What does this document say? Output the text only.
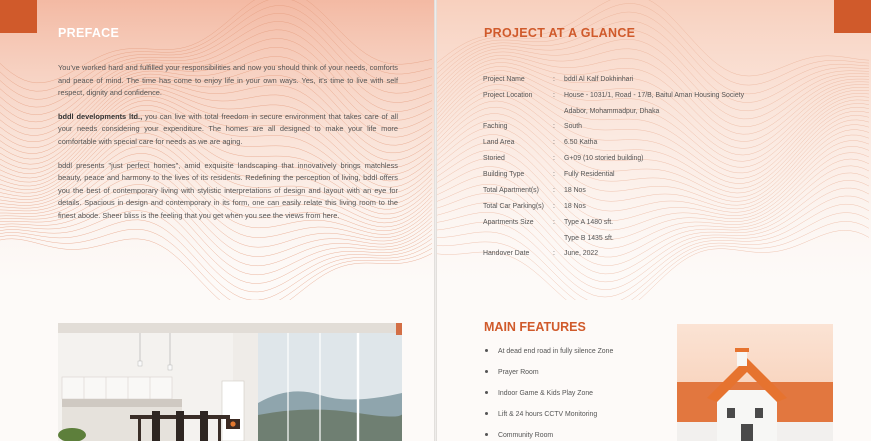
PREFACE

You've worked hard and fulfilled your responsibilities and now you should think of your needs, comforts and peace of mind. The time has come to enjoy life in your own ways. Yes, it's time to live with self respect, dignity and confidence.

bddl developments ltd., you can live with total freedom in secure environment that takes care of all your needs considering your expenditure. The homes are all designed to make your life more comfortable with special care for needs as we are aging.

bddl presents "just perfect homes", amid exquisite landscaping that innovatively brings matchless beauty, peace and harmony to the lives of its residents. Redefining the perception of living, bddl offers you the best of contemporary living with stylistic interpretations of design and layout with an eye for details. Spacious in design and contemporary in its form, one can easily relate this living room to the finest abode. Sheer bliss is the feeling that you get when you see the views from here.

PROJECT AT A GLANCE
Project Name	: bddl Al Kalf Dokhinhari
Project Location	: House - 1031/1, Road - 17/B, Baitul Aman Housing Society
Adabor, Mohammadpur, Dhaka
Faching	: South
Land Area	: 6.50 Katha
Storied	: G+09 (10 storied building)
Building Type	: Fully Residential
Total Apartment(s)	: 18 Nos
Total Car Parking(s)	: 18 Nos
Apartments Size	: Type A 1480 sft.
Type B 1435 sft.
Handover Date	: June, 2022
MAIN FEATURES
At dead end road in fully silence Zone
Prayer Room
Indoor Game & Kids Play Zone
Lift & 24 hours CCTV Monitoring
Community Room
